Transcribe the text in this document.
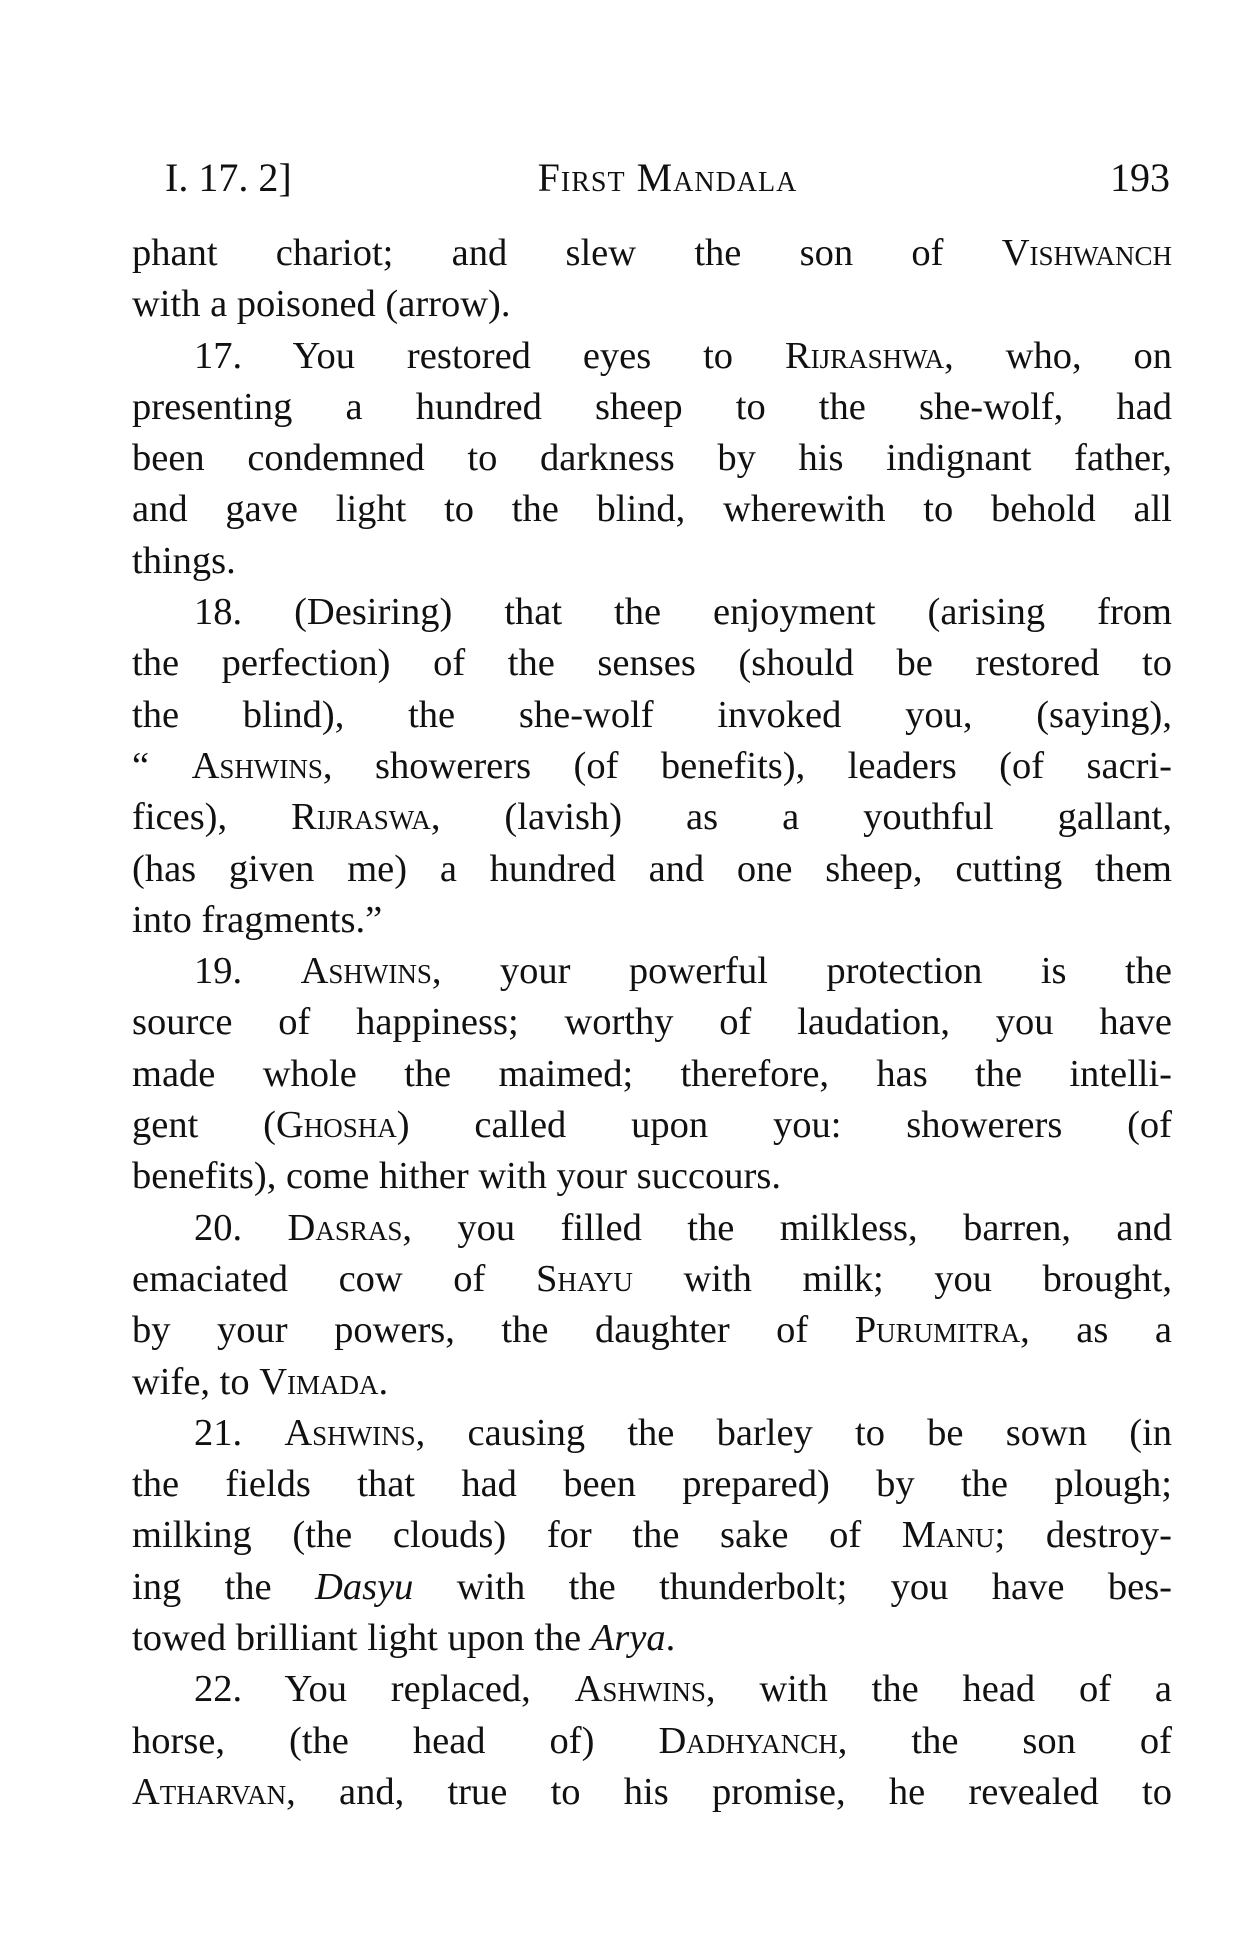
I. 17. 2]	First Mandala	193
phant chariot; and slew the son of Vishwanch
with a poisoned (arrow).
17. You restored eyes to Rijrashwa, who, on
presenting a hundred sheep to the she-wolf, had
been condemned to darkness by his indignant father,
and gave light to the blind, wherewith to behold all
things.
18. (Desiring) that the enjoyment (arising from
the perfection) of the senses (should be restored to
the blind), the she-wolf invoked you, (saying),
“ Ashwins, showerers (of benefits), leaders (of sacri-
fices), Rijraswa, (lavish) as a youthful gallant,
(has given me) a hundred and one sheep, cutting them
into fragments.”
19. Ashwins, your powerful protection is the
source of happiness; worthy of laudation, you have
made whole the maimed; therefore, has the intelli-
gent (Ghosha) called upon you: showerers (of
benefits), come hither with your succours.
20. Dasras, you filled the milkless, barren, and
emaciated cow of Shayu with milk; you brought,
by your powers, the daughter of Purumitra, as a
wife, to Vimada.
21. Ashwins, causing the barley to be sown (in
the fields that had been prepared) by the plough;
milking (the clouds) for the sake of Manu; destroy-
ing the Dasyu with the thunderbolt; you have bes-
towed brilliant light upon the Arya.
22. You replaced, Ashwins, with the head of a
horse, (the head of) Dadhyanch, the son of
Atharvan, and, true to his promise, he revealed to
